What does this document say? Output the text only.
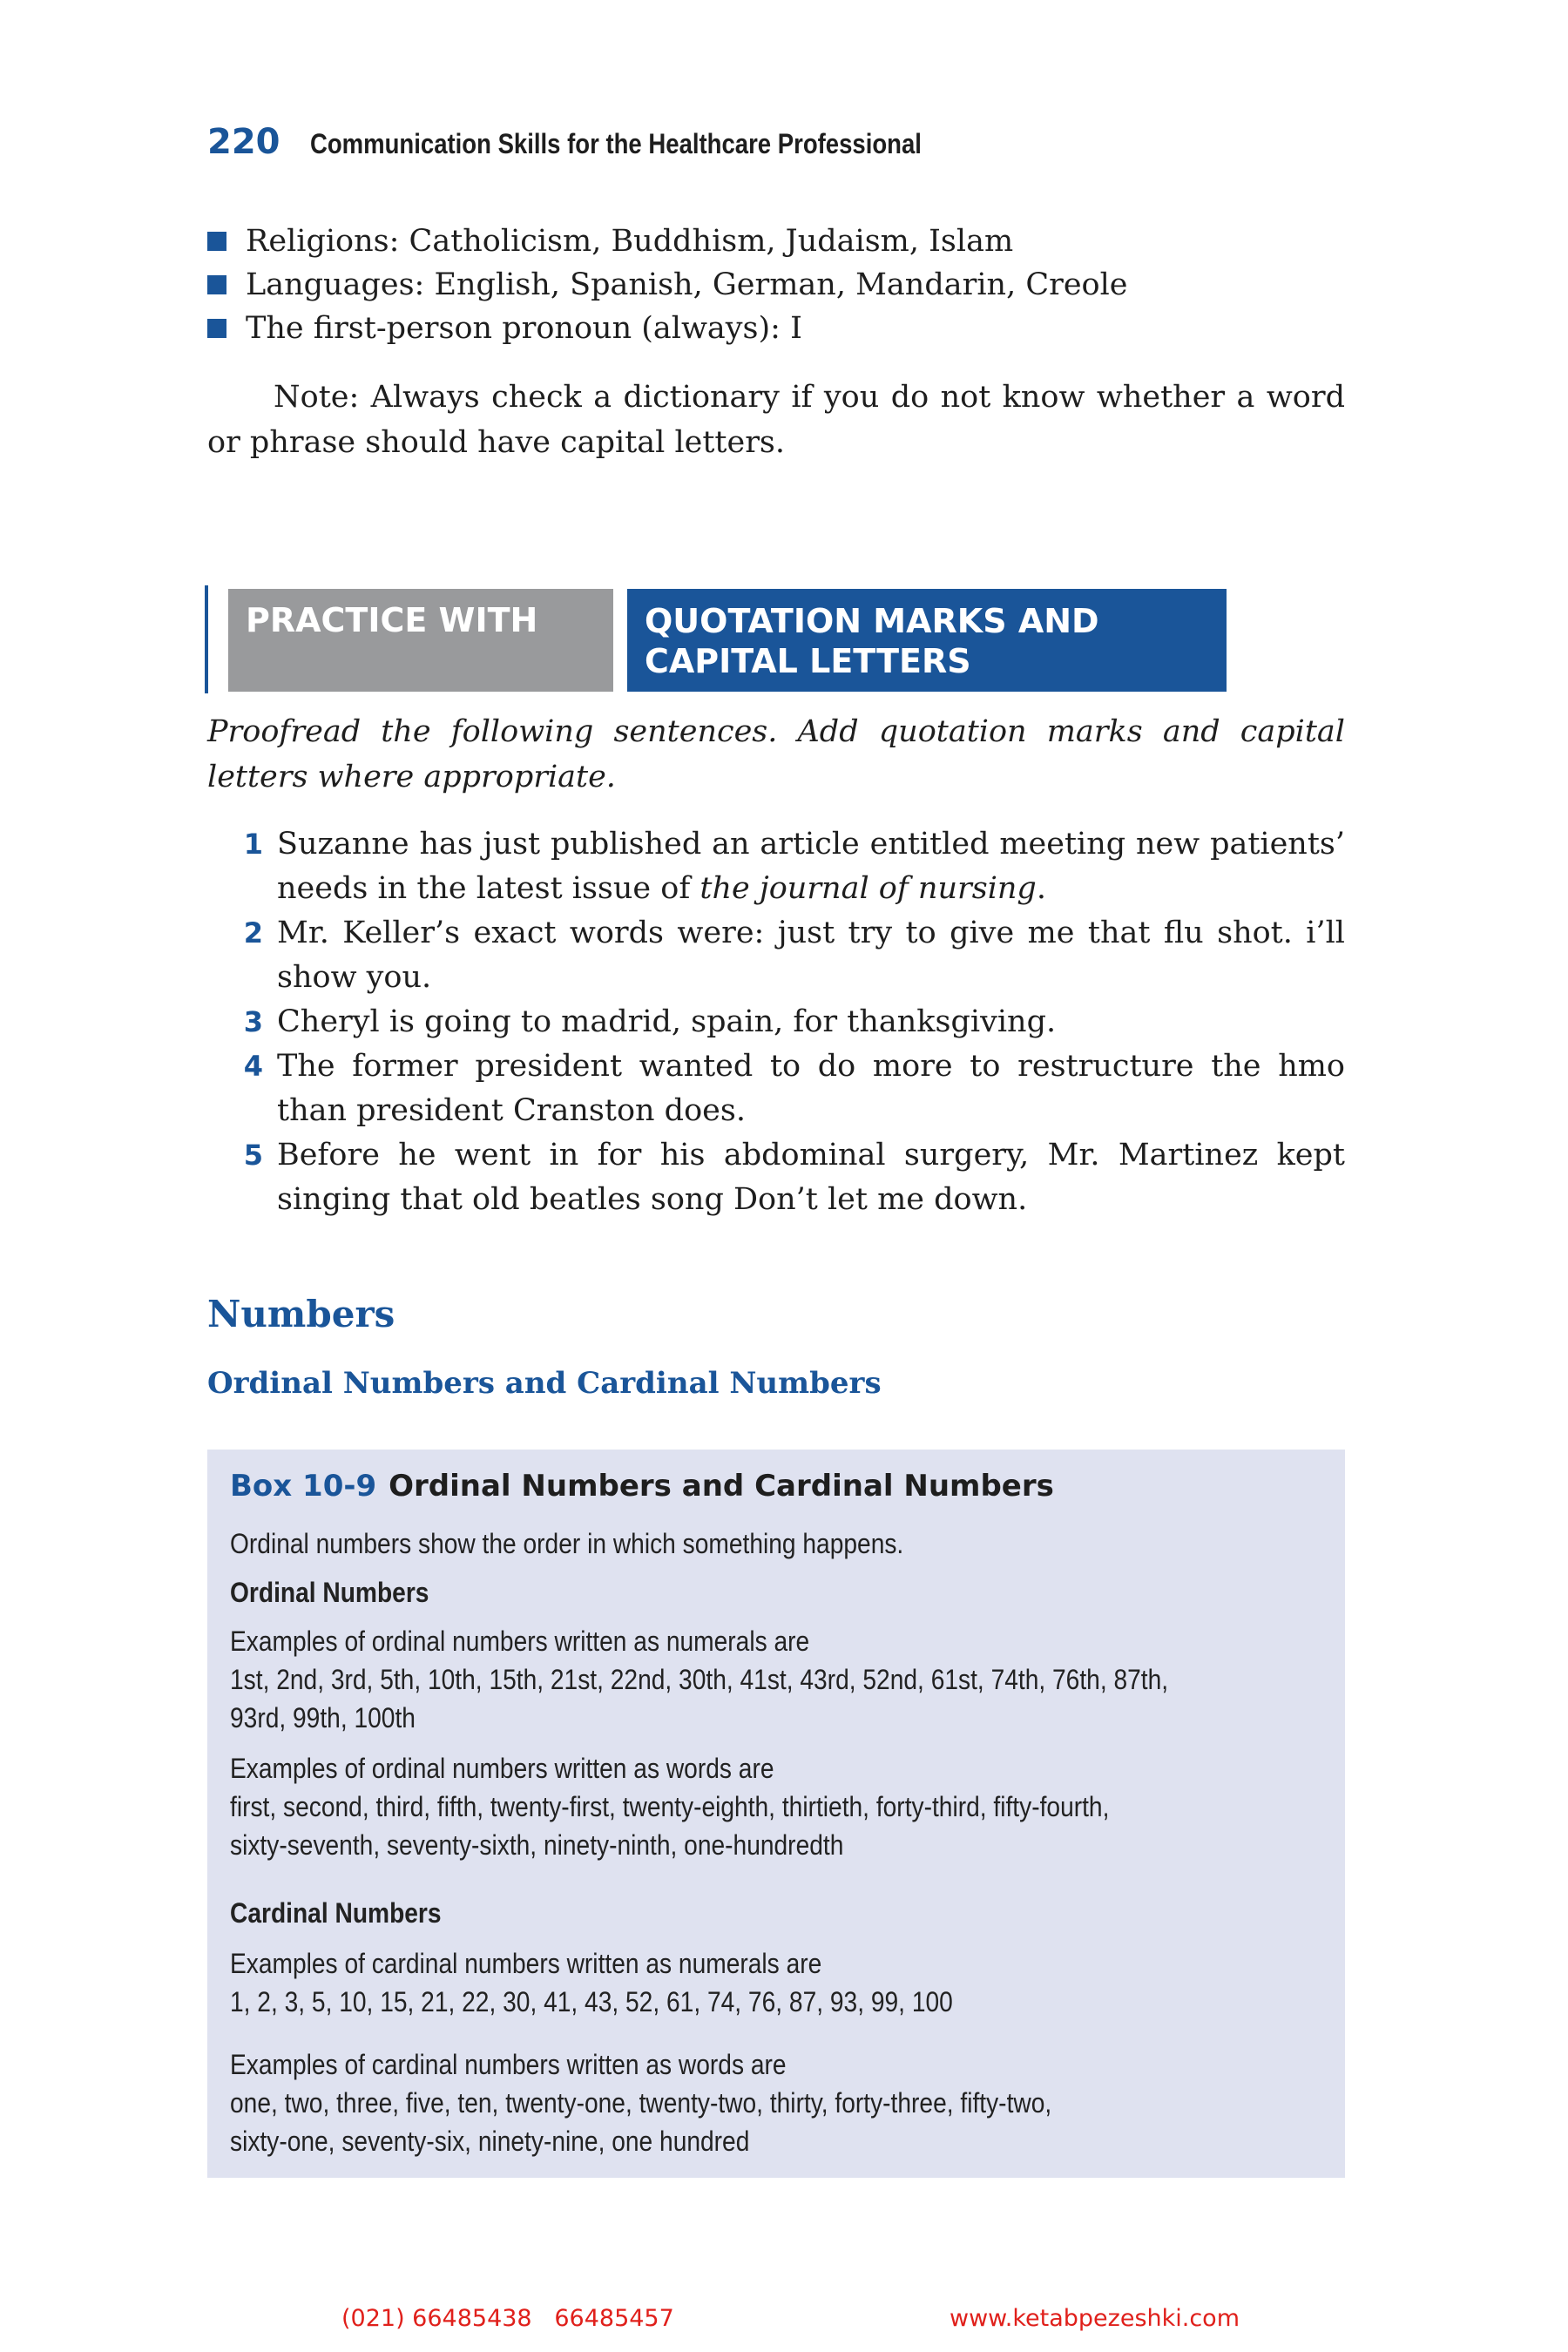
220 Communication Skills for the Healthcare Professional
Religions: Catholicism, Buddhism, Judaism, Islam
Languages: English, Spanish, German, Mandarin, Creole
The first-person pronoun (always): I
Note: Always check a dictionary if you do not know whether a word or phrase should have capital letters.
PRACTICE WITH	QUOTATION MARKS AND CAPITAL LETTERS
Proofread the following sentences. Add quotation marks and capital letters where appropriate.
1 Suzanne has just published an article entitled meeting new patients’ needs in the latest issue of the journal of nursing.
2 Mr. Keller’s exact words were: just try to give me that flu shot. i’ll show you.
3 Cheryl is going to madrid, spain, for thanksgiving.
4 The former president wanted to do more to restructure the hmo than president Cranston does.
5 Before he went in for his abdominal surgery, Mr. Martinez kept singing that old beatles song Don’t let me down.
Numbers
Ordinal Numbers and Cardinal Numbers
Box 10-9 Ordinal Numbers and Cardinal Numbers
Ordinal numbers show the order in which something happens.
Ordinal Numbers
Examples of ordinal numbers written as numerals are
1st, 2nd, 3rd, 5th, 10th, 15th, 21st, 22nd, 30th, 41st, 43rd, 52nd, 61st, 74th, 76th, 87th,
93rd, 99th, 100th
Examples of ordinal numbers written as words are
first, second, third, fifth, twenty-first, twenty-eighth, thirtieth, forty-third, fifty-fourth,
sixty-seventh, seventy-sixth, ninety-ninth, one-hundredth
Cardinal Numbers
Examples of cardinal numbers written as numerals are
1, 2, 3, 5, 10, 15, 21, 22, 30, 41, 43, 52, 61, 74, 76, 87, 93, 99, 100
Examples of cardinal numbers written as words are
one, two, three, five, ten, twenty-one, twenty-two, thirty, forty-three, fifty-two,
sixty-one, seventy-six, ninety-nine, one hundred
(021) 66485438   66485457	www.ketabpezeshki.com
